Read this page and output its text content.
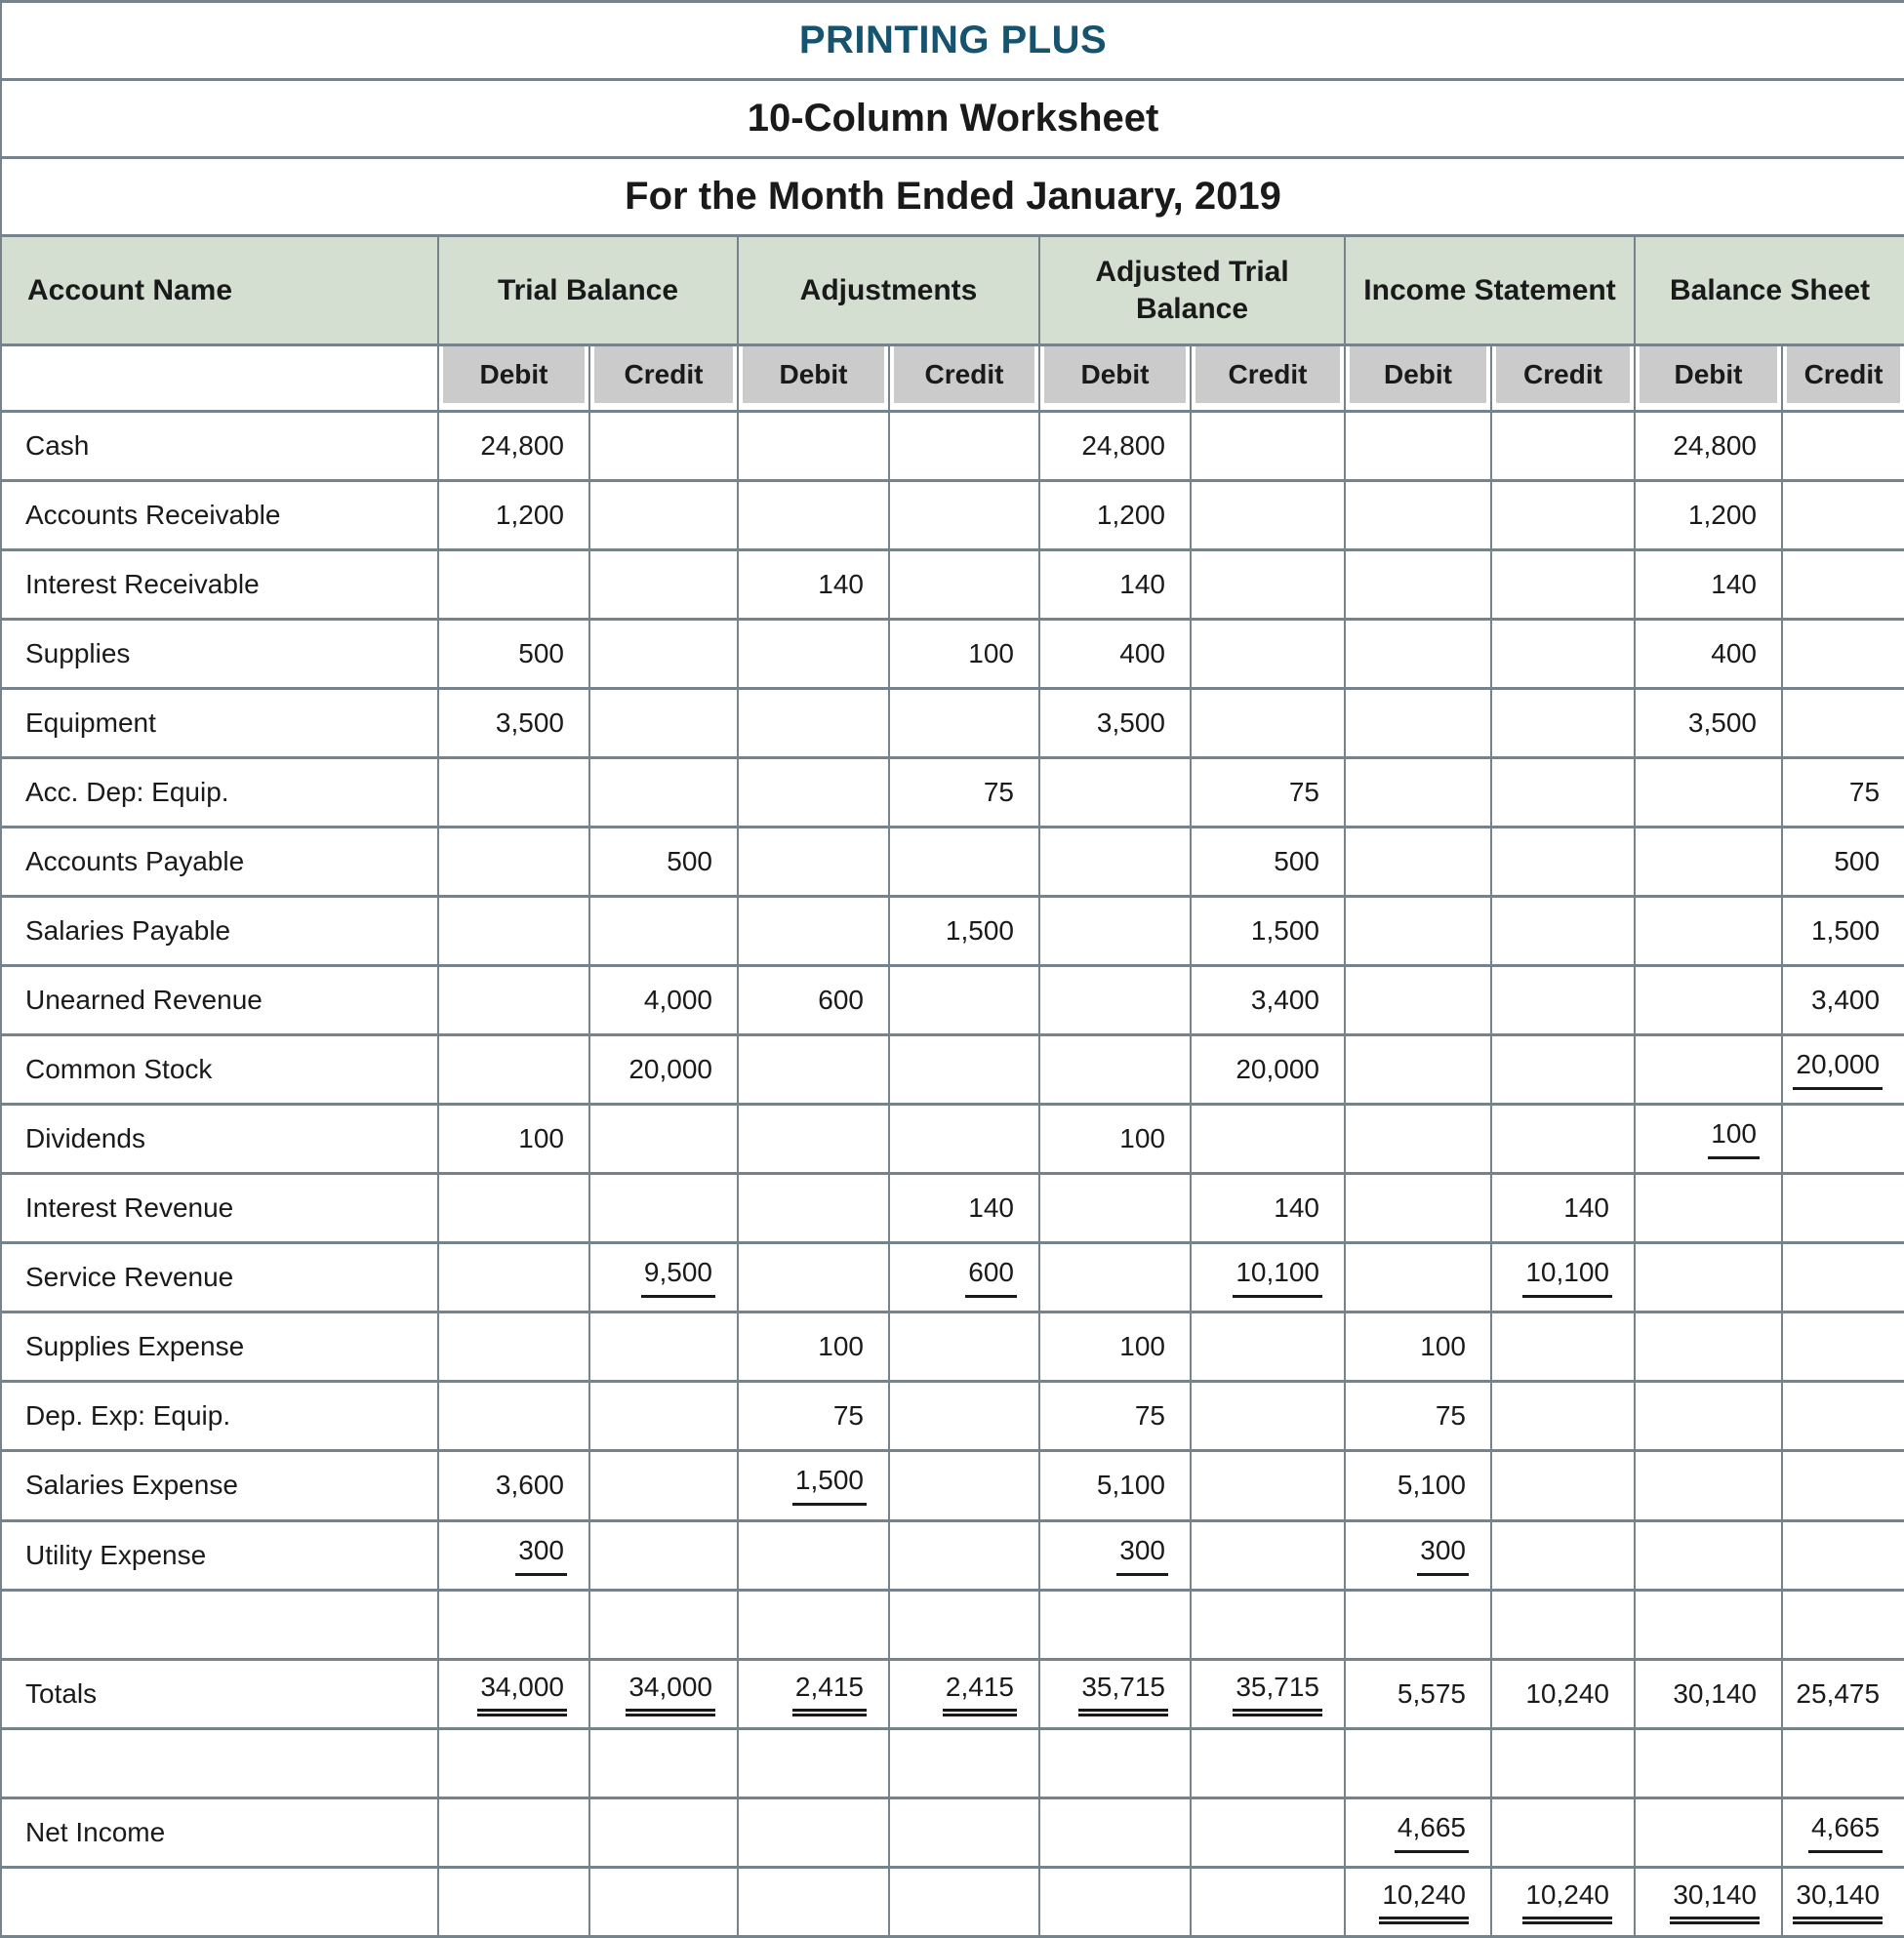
PRINTING PLUS										
10-Column Worksheet										
For the Month Ended January, 2019										
Account Name	Trial Balance		Adjustments		Adjusted Trial Balance		Income Statement		Balance Sheet	

Debit	Credit	Debit	Credit	Debit	Credit	Debit	Credit	Debit	Credit

Cash	24,800				24,800				24,800	
Accounts Receivable	1,200				1,200				1,200	
Interest Receivable			140		140				140	
Supplies	500			100	400				400	
Equipment	3,500				3,500				3,500	
Acc. Dep: Equip.				75		75				75
Accounts Payable		500				500				500
Salaries Payable				1,500		1,500				1,500
Unearned Revenue		4,000	600			3,400				3,400
Common Stock		20,000				20,000				20,000
Dividends	100				100				100	
Interest Revenue				140		140		140		
Service Revenue		9,500		600		10,100		10,100		
Supplies Expense			100		100		100			
Dep. Exp: Equip.			75		75		75			
Salaries Expense	3,600		1,500		5,100		5,100			
Utility Expense	300				300		300			

Totals	34,000	34,000	2,415	2,415	35,715	35,715	5,575	10,240	30,140	25,475

Net Income							4,665			4,665
							10,240	10,240	30,140	30,140
